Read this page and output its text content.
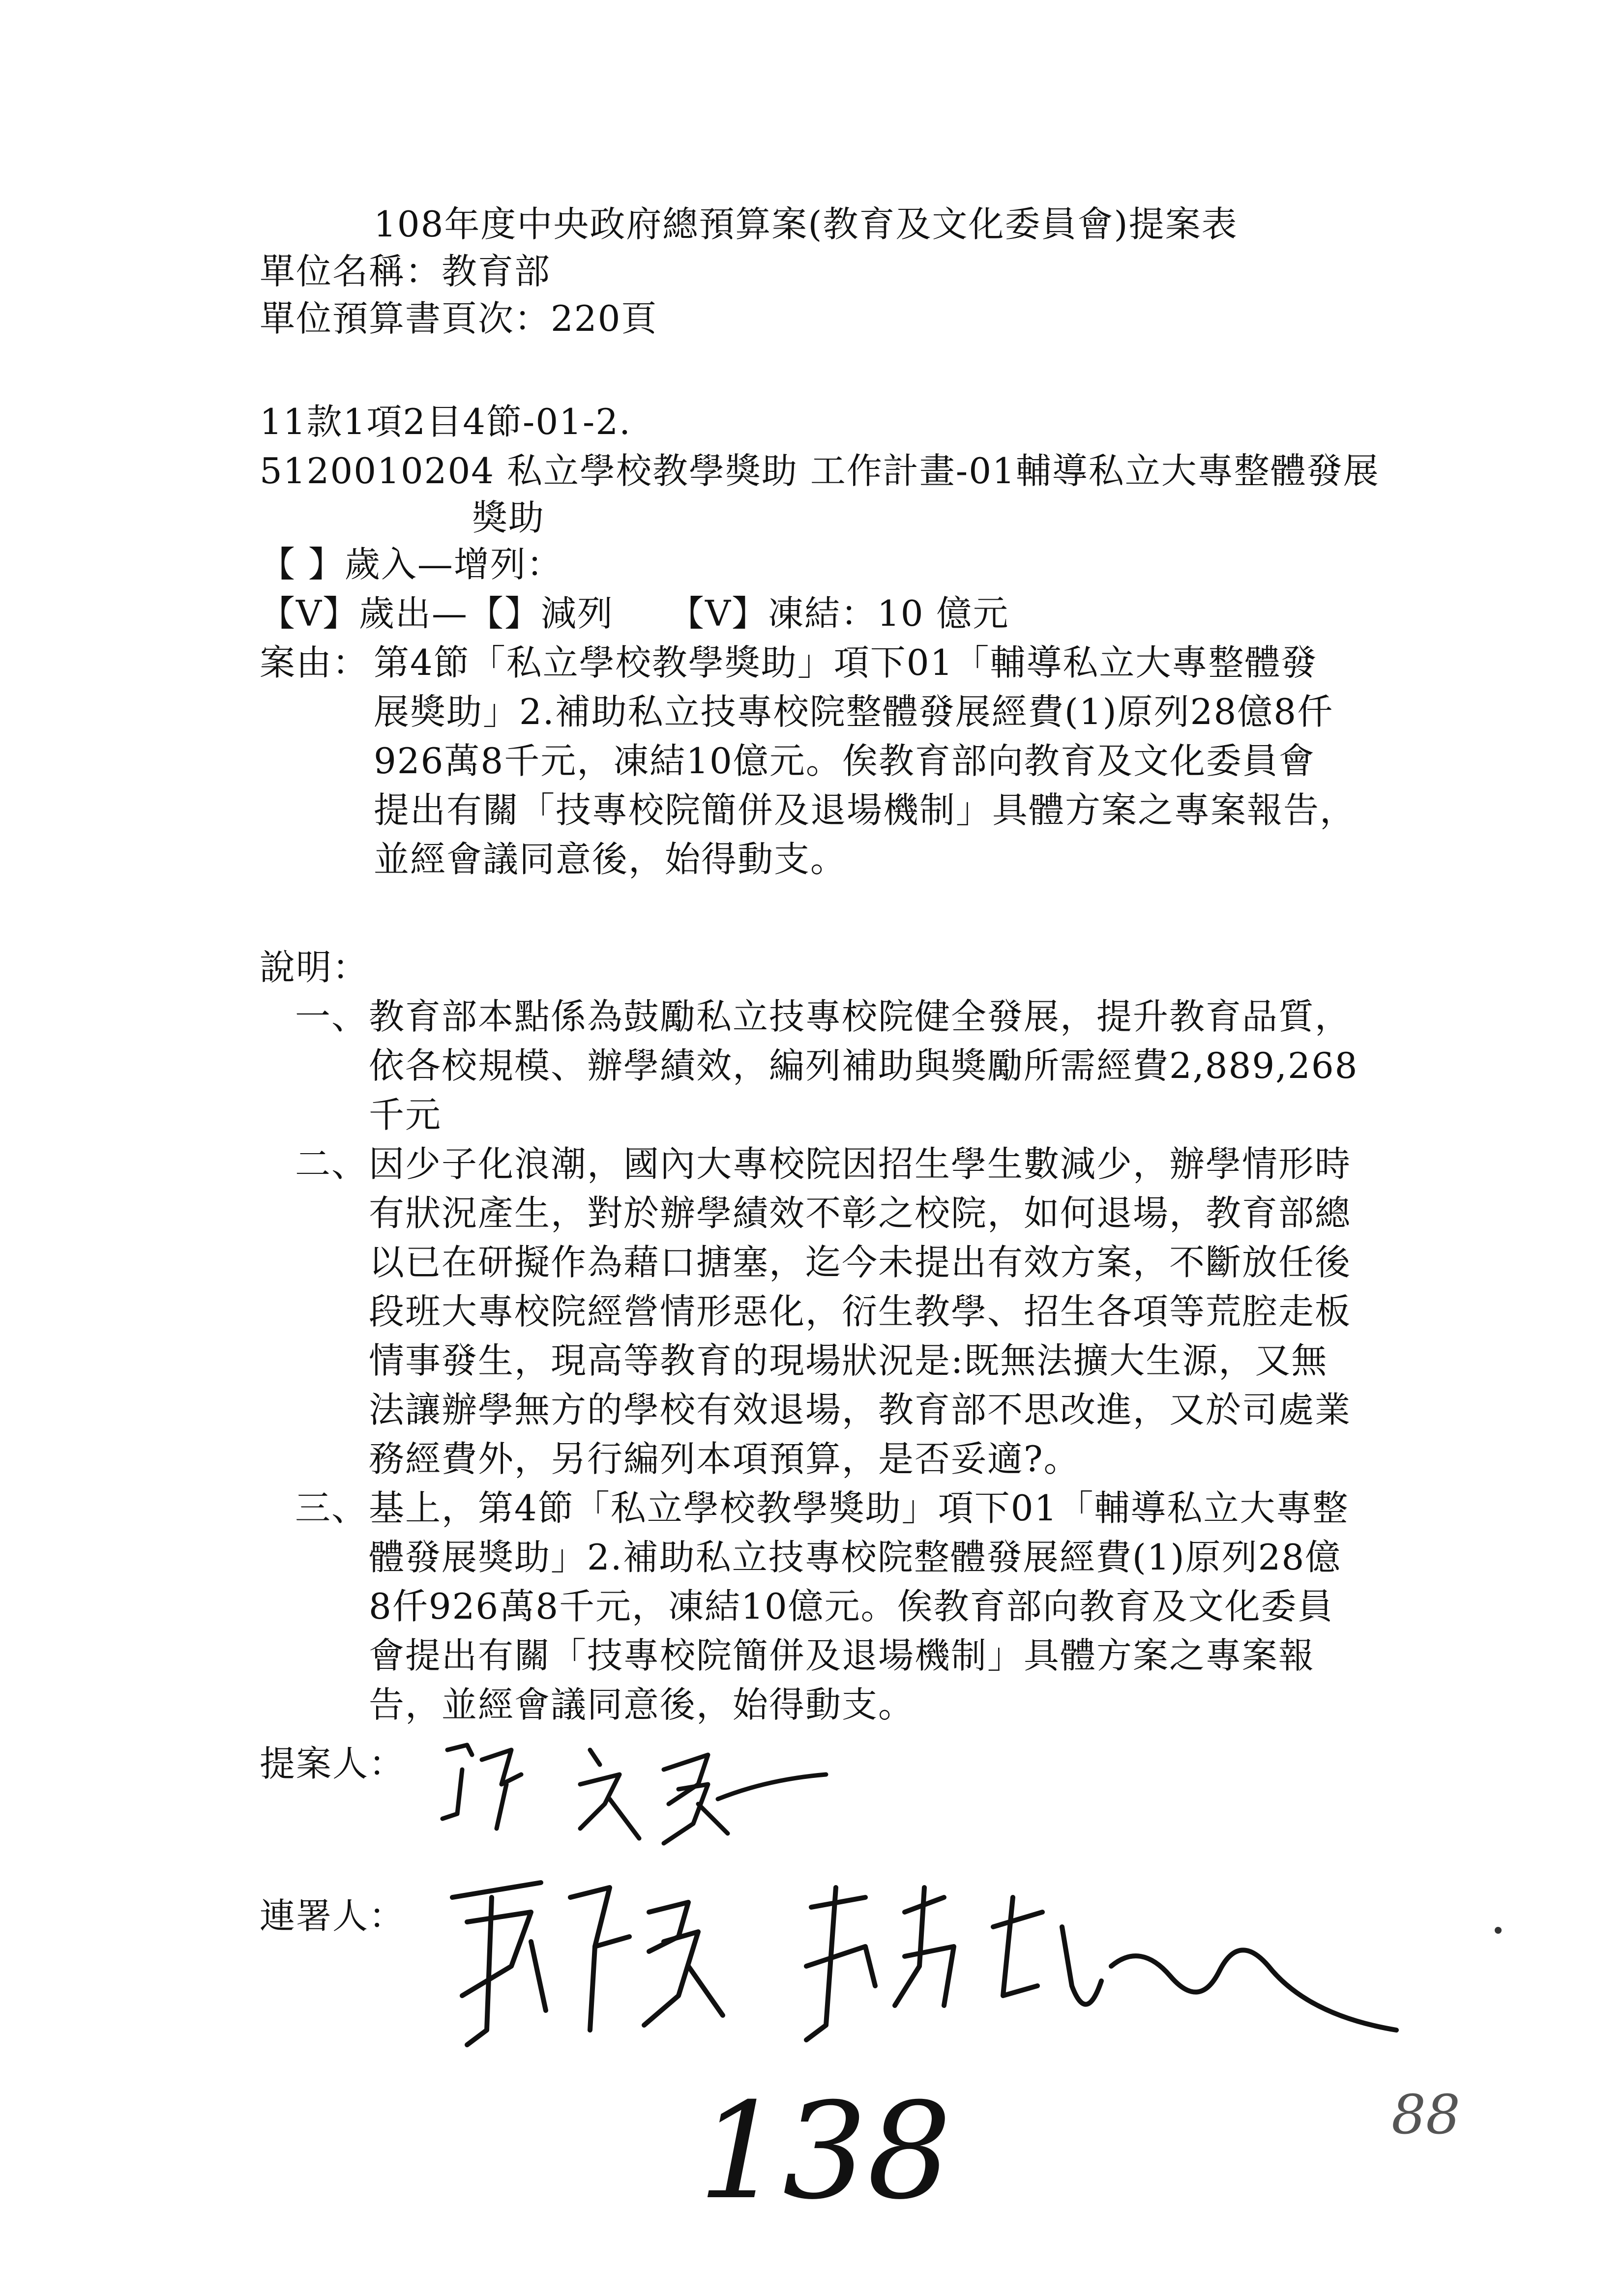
108年度中央政府總預算案(教育及文化委員會)提案表
單位名稱：教育部
單位預算書頁次：220頁
11款1項2目4節-01-2.
5120010204 私立學校教學獎助 工作計畫-01輔導私立大專整體發展
獎助
【 】歲入—增列：
【V】歲出—【】減列　　【V】凍結：10 億元
案由： 第4節「私立學校教學獎助」項下01「輔導私立大專整體發
展獎助」2.補助私立技專校院整體發展經費(1)原列28億8仟
926萬8千元，凍結10億元。俟教育部向教育及文化委員會
提出有關「技專校院簡併及退場機制」具體方案之專案報告，
並經會議同意後，始得動支。
說明：
一、 教育部本點係為鼓勵私立技專校院健全發展，提升教育品質，
依各校規模、辦學績效，編列補助與獎勵所需經費2,889,268
千元
二、 因少子化浪潮，國內大專校院因招生學生數減少，辦學情形時
有狀況產生，對於辦學績效不彰之校院，如何退場，教育部總
以已在研擬作為藉口搪塞，迄今未提出有效方案，不斷放任後
段班大專校院經營情形惡化，衍生教學、招生各項等荒腔走板
情事發生，現高等教育的現場狀況是:既無法擴大生源，又無
法讓辦學無方的學校有效退場，教育部不思改進，又於司處業
務經費外，另行編列本項預算，是否妥適?。
三、 基上，第4節「私立學校教學獎助」項下01「輔導私立大專整
體發展獎助」2.補助私立技專校院整體發展經費(1)原列28億
8仟926萬8千元，凍結10億元。俟教育部向教育及文化委員
會提出有關「技專校院簡併及退場機制」具體方案之專案報
告，並經會議同意後，始得動支。
提案人：
連署人：
138	88
